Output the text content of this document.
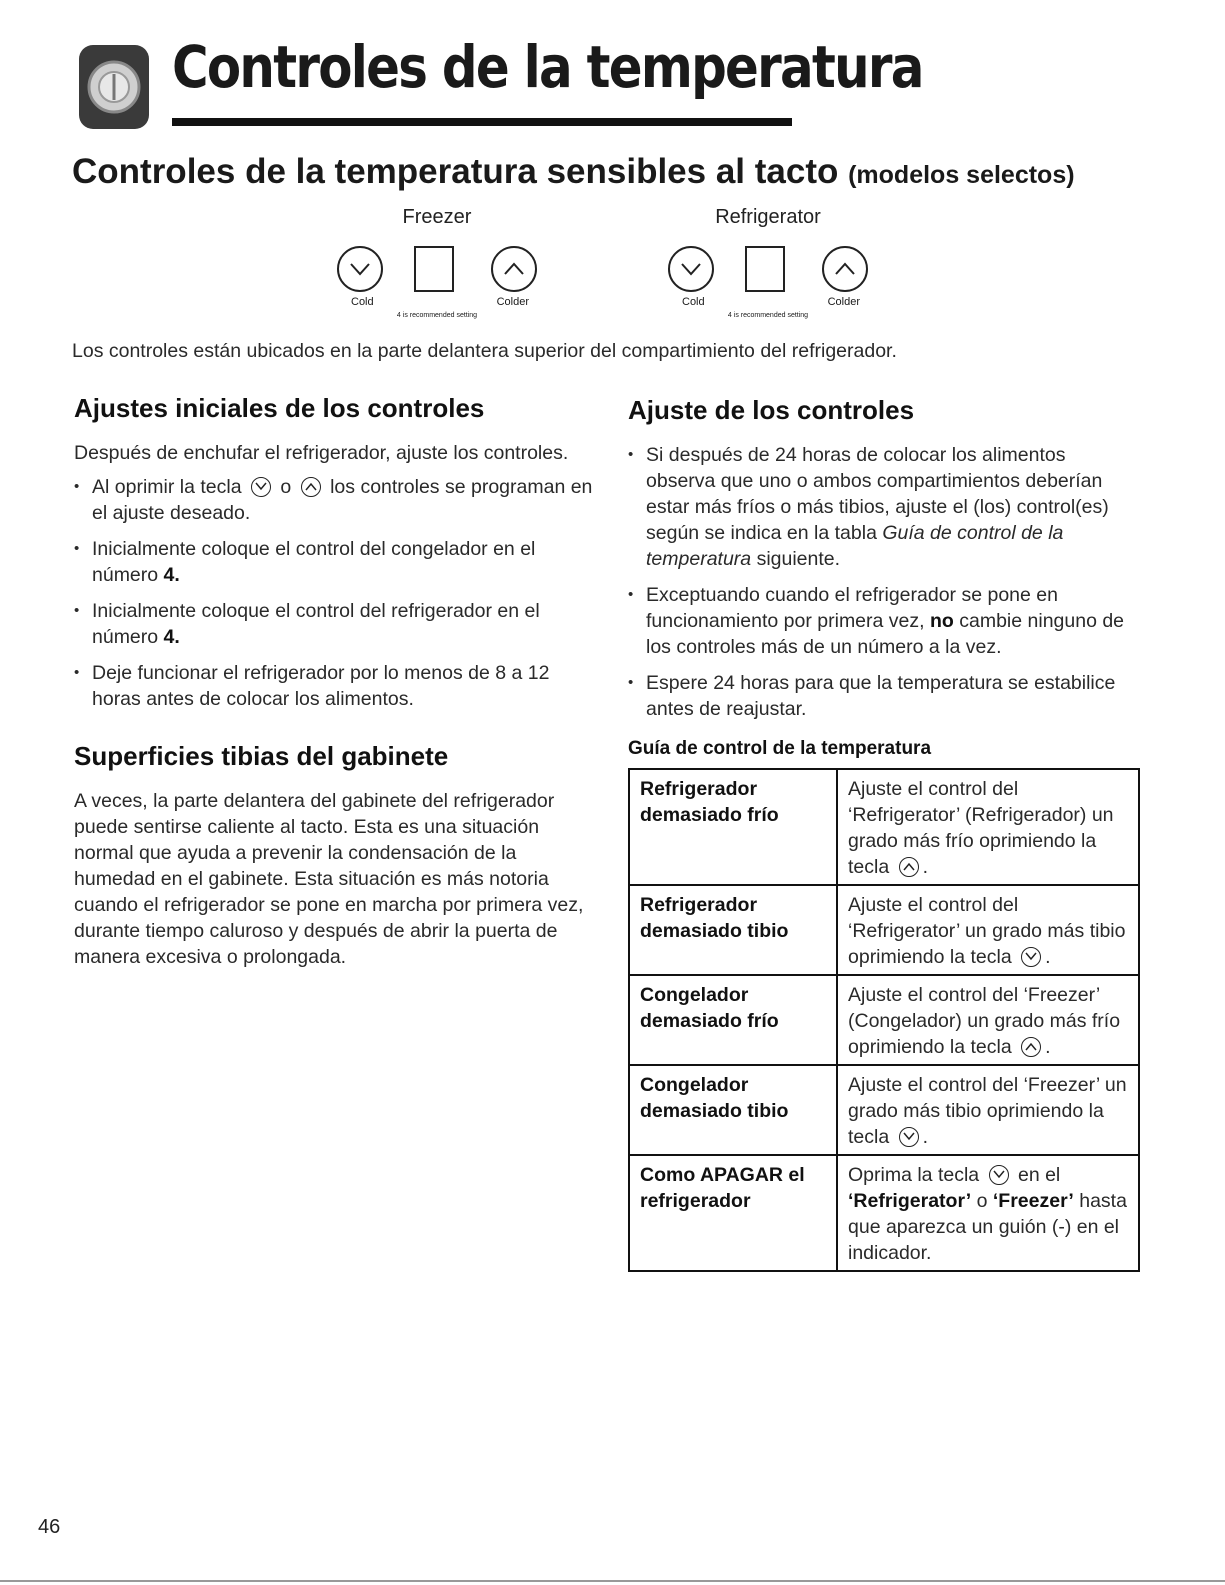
Controles de la temperatura
Controles de la temperatura sensibles al tacto (modelos selectos)
Freezer
Cold	Colder
4 is recommended setting
Refrigerator
Cold	Colder
4 is recommended setting
Los controles están ubicados en la parte delantera superior del compartimiento del refrigerador.
Ajustes iniciales de los controles
Después de enchufar el refrigerador, ajuste los controles.
• Al oprimir la tecla o los controles se programan en el ajuste deseado.
• Inicialmente coloque el control del congelador en el número 4.
• Inicialmente coloque el control del refrigerador en el número 4.
• Deje funcionar el refrigerador por lo menos de 8 a 12 horas antes de colocar los alimentos.
Superficies tibias del gabinete
A veces, la parte delantera del gabinete del refrigerador puede sentirse caliente al tacto. Esta es una situación normal que ayuda a prevenir la condensación de la humedad en el gabinete. Esta situación es más notoria cuando el refrigerador se pone en marcha por primera vez, durante tiempo caluroso y después de abrir la puerta de manera excesiva o prolongada.
Ajuste de los controles
• Si después de 24 horas de colocar los alimentos observa que uno o ambos compartimientos deberían estar más fríos o más tibios, ajuste el (los) control(es) según se indica en la tabla Guía de control de la temperatura siguiente.
• Exceptuando cuando el refrigerador se pone en funcionamiento por primera vez, no cambie ninguno de los controles más de un número a la vez.
• Espere 24 horas para que la temperatura se estabilice antes de reajustar.
Guía de control de la temperatura
Refrigerador demasiado frío	Ajuste el control del ‘Refrigerator’ (Refrigerador) un grado más frío oprimiendo la tecla .
Refrigerador demasiado tibio	Ajuste el control del ‘Refrigerator’ un grado más tibio oprimiendo la tecla .
Congelador demasiado frío	Ajuste el control del ‘Freezer’ (Congelador) un grado más frío oprimiendo la tecla .
Congelador demasiado tibio	Ajuste el control del ‘Freezer’ un grado más tibio oprimiendo la tecla .
Como APAGAR el refrigerador	Oprima la tecla en el ‘Refrigerator’ o ‘Freezer’ hasta que aparezca un guión (-) en el indicador.
46
